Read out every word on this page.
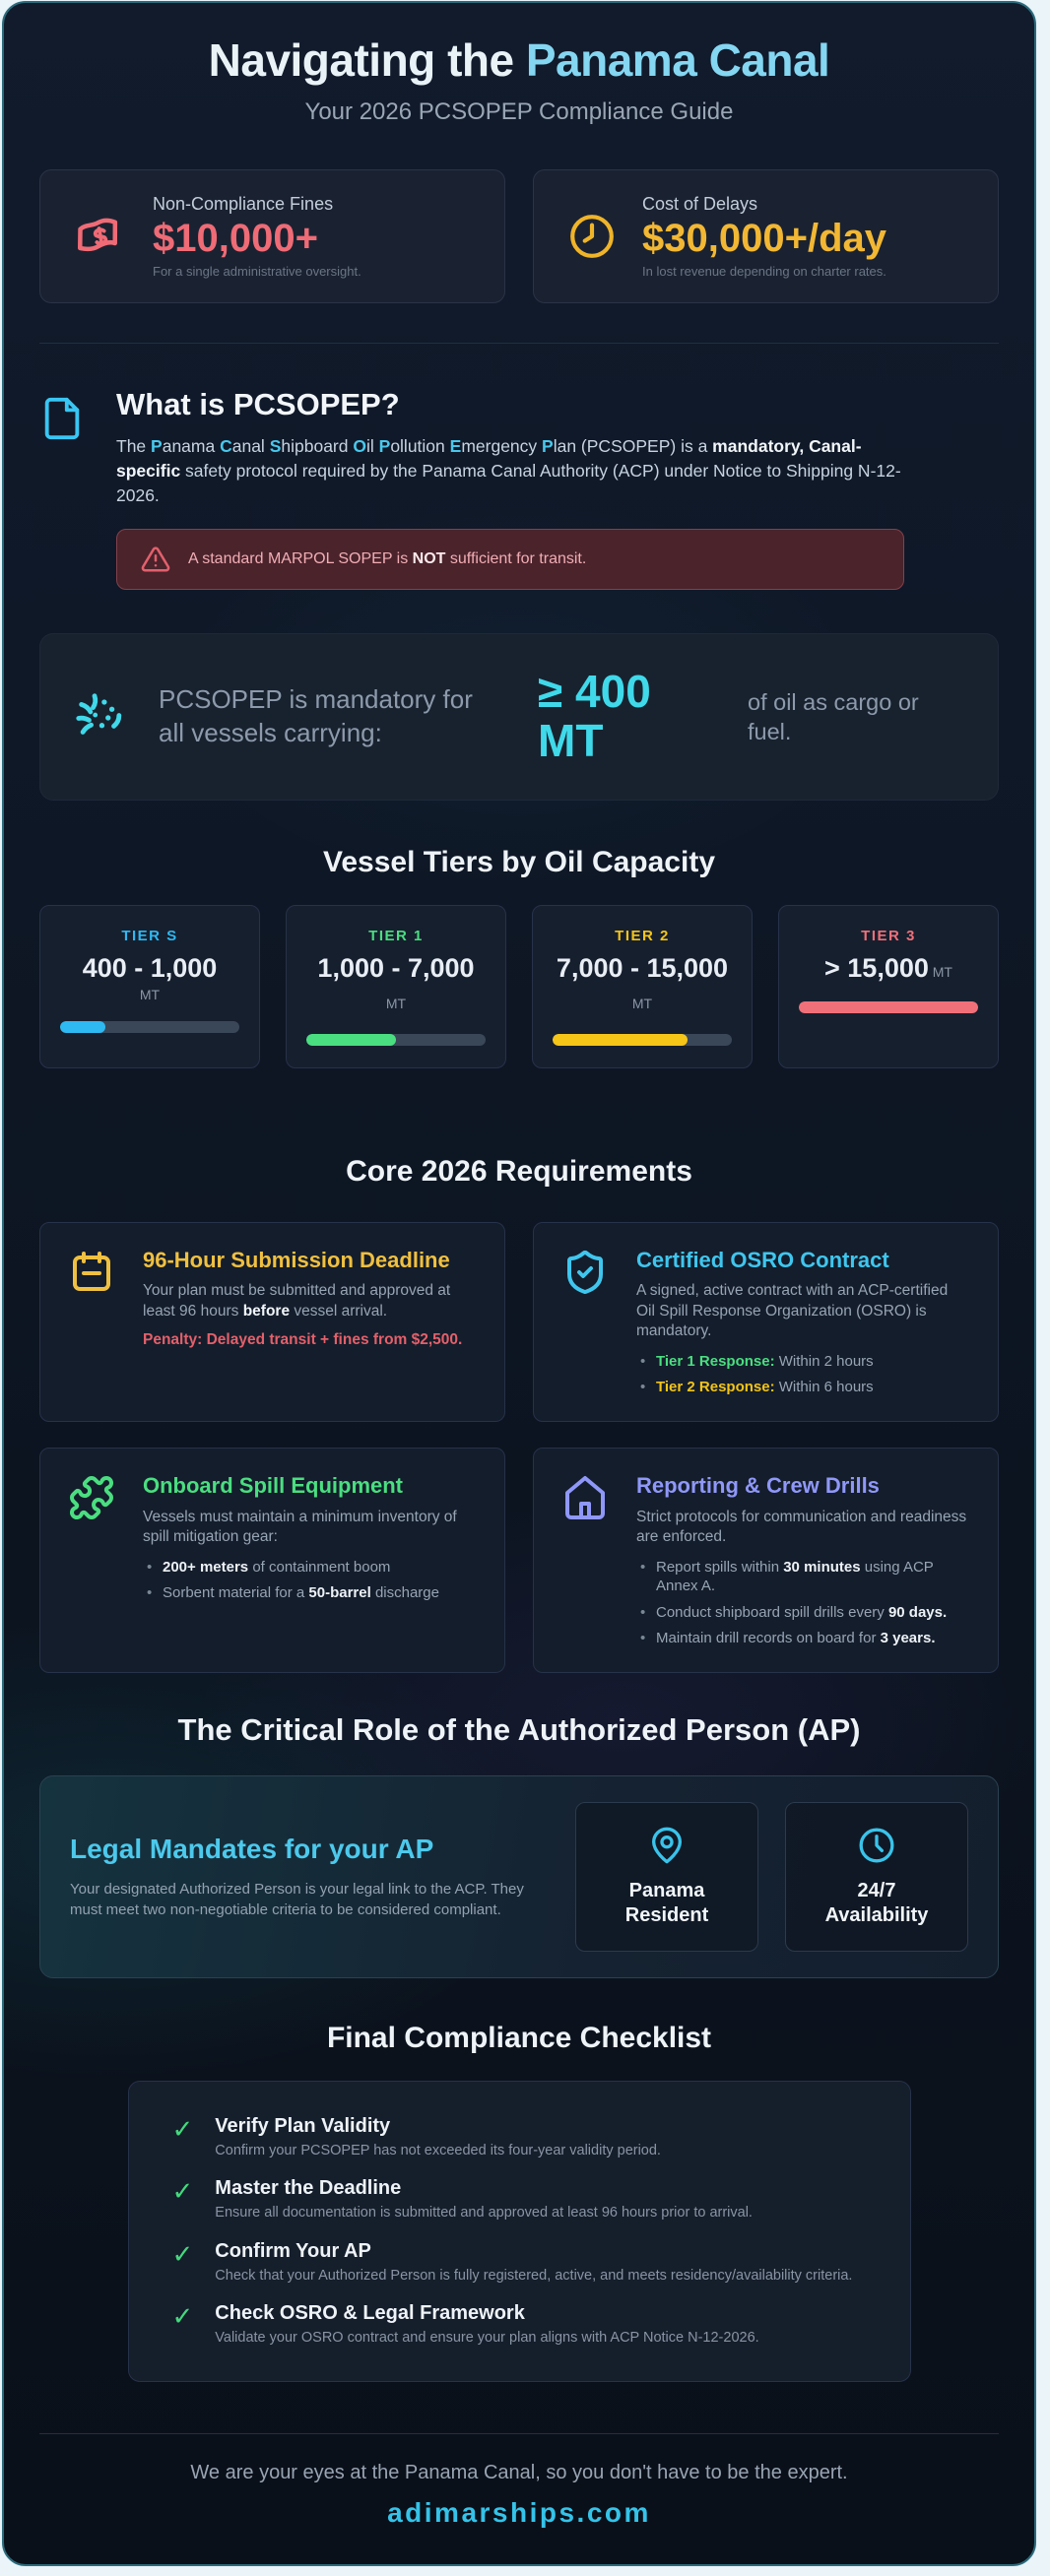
Navigating the Panama Canal

Your 2026 PCSOPEP Compliance Guide

Non-Compliance Fines
$10,000+
For a single administrative oversight.
Cost of Delays
$30,000+/day
In lost revenue depending on charter rates.
What is PCSOPEP?

The Panama Canal Shipboard Oil Pollution Emergency Plan (PCSOPEP) is a mandatory, Canal-specific safety protocol required by the Panama Canal Authority (ACP) under Notice to Shipping N-12-2026.

A standard MARPOL SOPEP is NOT sufficient for transit.

PCSOPEP is mandatory for all vessels carrying:

≥ 400 MT

of oil as cargo or fuel.

Vessel Tiers by Oil Capacity
TIER S
400 - 1,000
MT
TIER 1
1,000 - 7,000 MT
TIER 2
7,000 - 15,000 MT
TIER 3
> 15,000 MT
Core 2026 Requirements
96-Hour Submission Deadline

Your plan must be submitted and approved at least 96 hours before vessel arrival.

Penalty: Delayed transit + fines from $2,500.

Certified OSRO Contract

A signed, active contract with an ACP-certified Oil Spill Response Organization (OSRO) is mandatory.

• Tier 1 Response: Within 2 hours
• Tier 2 Response: Within 6 hours
Onboard Spill Equipment

Vessels must maintain a minimum inventory of spill mitigation gear:

• 200+ meters of containment boom
• Sorbent material for a 50-barrel discharge
Reporting & Crew Drills

Strict protocols for communication and readiness are enforced.

• Report spills within 30 minutes using ACP Annex A.
• Conduct shipboard spill drills every 90 days.
• Maintain drill records on board for 3 years.
The Critical Role of the Authorized Person (AP)
Legal Mandates for your AP

Your designated Authorized Person is your legal link to the ACP. They must meet two non-negotiable criteria to be considered compliant.

Panama Resident
24/7 Availability
Final Compliance Checklist
✓ Verify Plan Validity
Confirm your PCSOPEP has not exceeded its four-year validity period.
✓ Master the Deadline
Ensure all documentation is submitted and approved at least 96 hours prior to arrival.
✓ Confirm Your AP
Check that your Authorized Person is fully registered, active, and meets residency/availability criteria.
✓ Check OSRO & Legal Framework
Validate your OSRO contract and ensure your plan aligns with ACP Notice N-12-2026.

We are your eyes at the Panama Canal, so you don't have to be the expert.

adimarships.com
